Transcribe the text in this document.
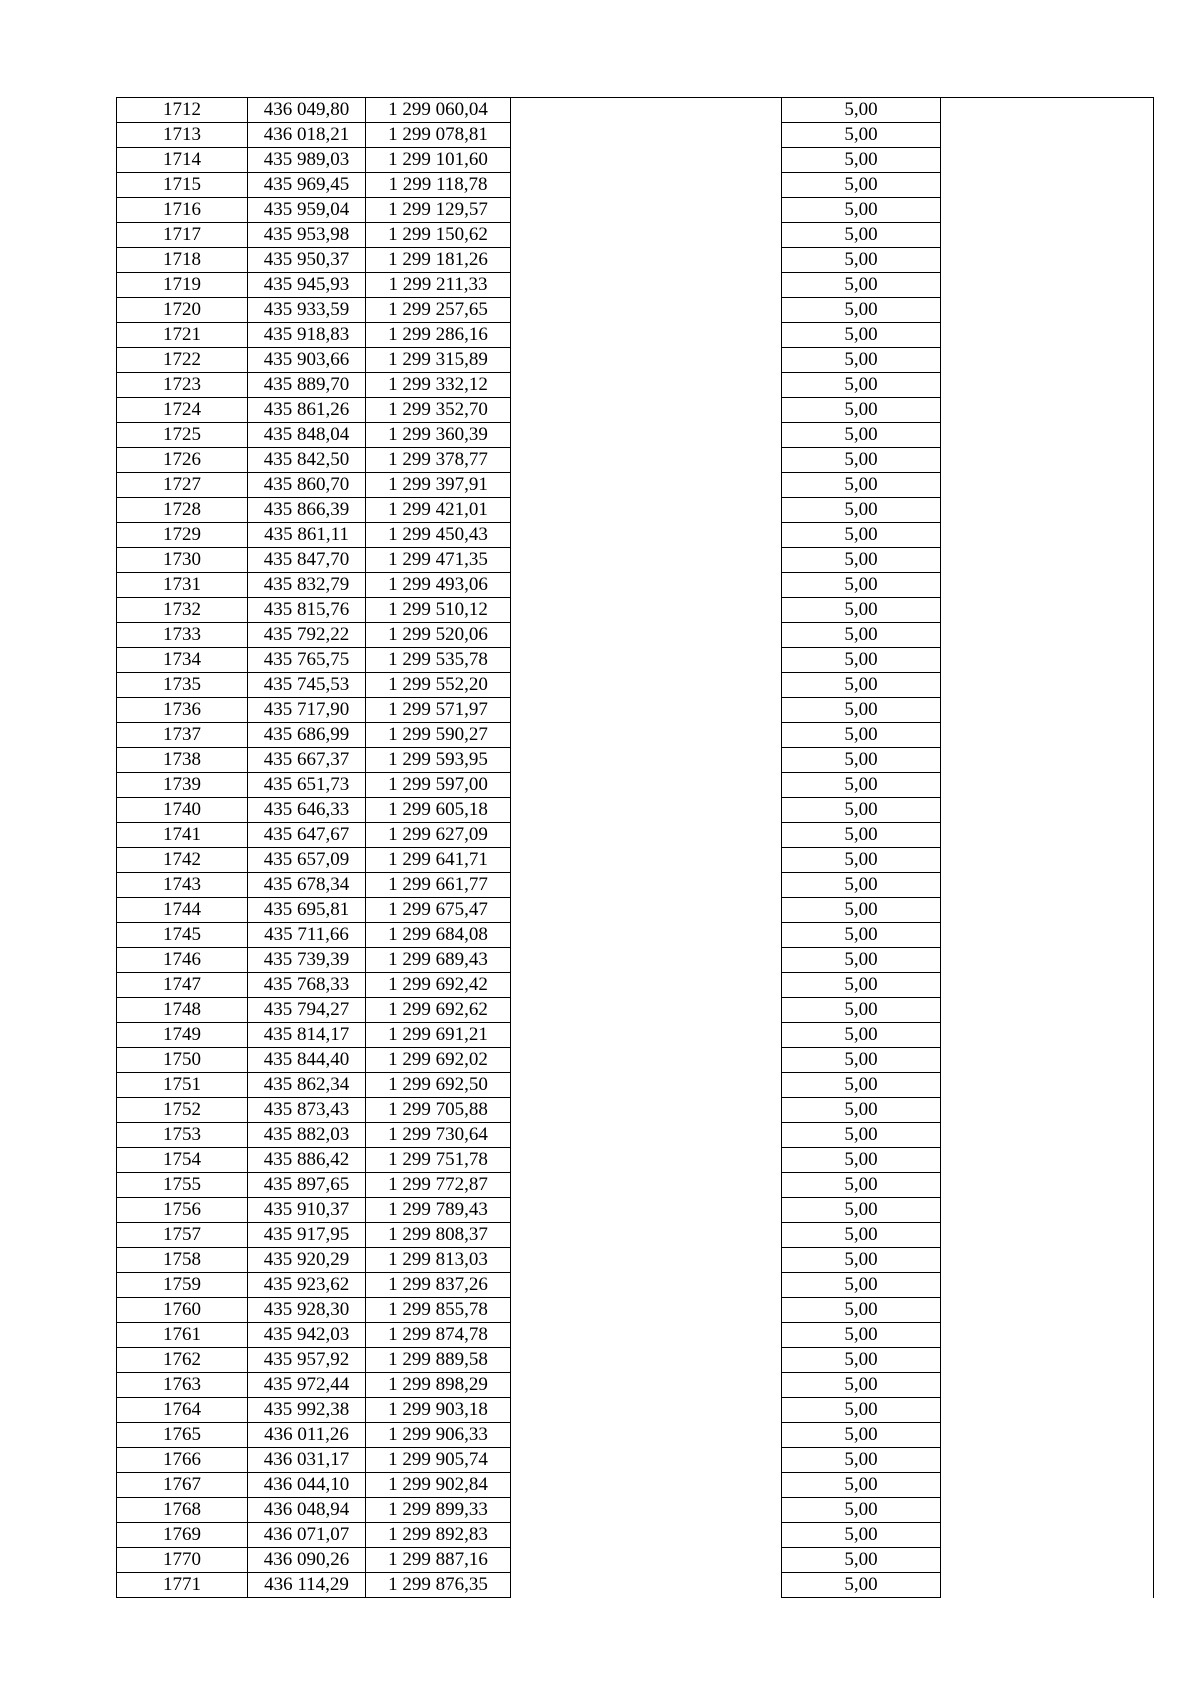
1712	436 049,80	1 299 060,04		5,00	
1713	436 018,21	1 299 078,81		5,00	
1714	435 989,03	1 299 101,60		5,00	
1715	435 969,45	1 299 118,78		5,00	
1716	435 959,04	1 299 129,57		5,00	
1717	435 953,98	1 299 150,62		5,00	
1718	435 950,37	1 299 181,26		5,00	
1719	435 945,93	1 299 211,33		5,00	
1720	435 933,59	1 299 257,65		5,00	
1721	435 918,83	1 299 286,16		5,00	
1722	435 903,66	1 299 315,89		5,00	
1723	435 889,70	1 299 332,12		5,00	
1724	435 861,26	1 299 352,70		5,00	
1725	435 848,04	1 299 360,39		5,00	
1726	435 842,50	1 299 378,77		5,00	
1727	435 860,70	1 299 397,91		5,00	
1728	435 866,39	1 299 421,01		5,00	
1729	435 861,11	1 299 450,43		5,00	
1730	435 847,70	1 299 471,35		5,00	
1731	435 832,79	1 299 493,06		5,00	
1732	435 815,76	1 299 510,12		5,00	
1733	435 792,22	1 299 520,06		5,00	
1734	435 765,75	1 299 535,78		5,00	
1735	435 745,53	1 299 552,20		5,00	
1736	435 717,90	1 299 571,97		5,00	
1737	435 686,99	1 299 590,27		5,00	
1738	435 667,37	1 299 593,95		5,00	
1739	435 651,73	1 299 597,00		5,00	
1740	435 646,33	1 299 605,18		5,00	
1741	435 647,67	1 299 627,09		5,00	
1742	435 657,09	1 299 641,71		5,00	
1743	435 678,34	1 299 661,77		5,00	
1744	435 695,81	1 299 675,47		5,00	
1745	435 711,66	1 299 684,08		5,00	
1746	435 739,39	1 299 689,43		5,00	
1747	435 768,33	1 299 692,42		5,00	
1748	435 794,27	1 299 692,62		5,00	
1749	435 814,17	1 299 691,21		5,00	
1750	435 844,40	1 299 692,02		5,00	
1751	435 862,34	1 299 692,50		5,00	
1752	435 873,43	1 299 705,88		5,00	
1753	435 882,03	1 299 730,64		5,00	
1754	435 886,42	1 299 751,78		5,00	
1755	435 897,65	1 299 772,87		5,00	
1756	435 910,37	1 299 789,43		5,00	
1757	435 917,95	1 299 808,37		5,00	
1758	435 920,29	1 299 813,03		5,00	
1759	435 923,62	1 299 837,26		5,00	
1760	435 928,30	1 299 855,78		5,00	
1761	435 942,03	1 299 874,78		5,00	
1762	435 957,92	1 299 889,58		5,00	
1763	435 972,44	1 299 898,29		5,00	
1764	435 992,38	1 299 903,18		5,00	
1765	436 011,26	1 299 906,33		5,00	
1766	436 031,17	1 299 905,74		5,00	
1767	436 044,10	1 299 902,84		5,00	
1768	436 048,94	1 299 899,33		5,00	
1769	436 071,07	1 299 892,83		5,00	
1770	436 090,26	1 299 887,16		5,00	
1771	436 114,29	1 299 876,35		5,00	
